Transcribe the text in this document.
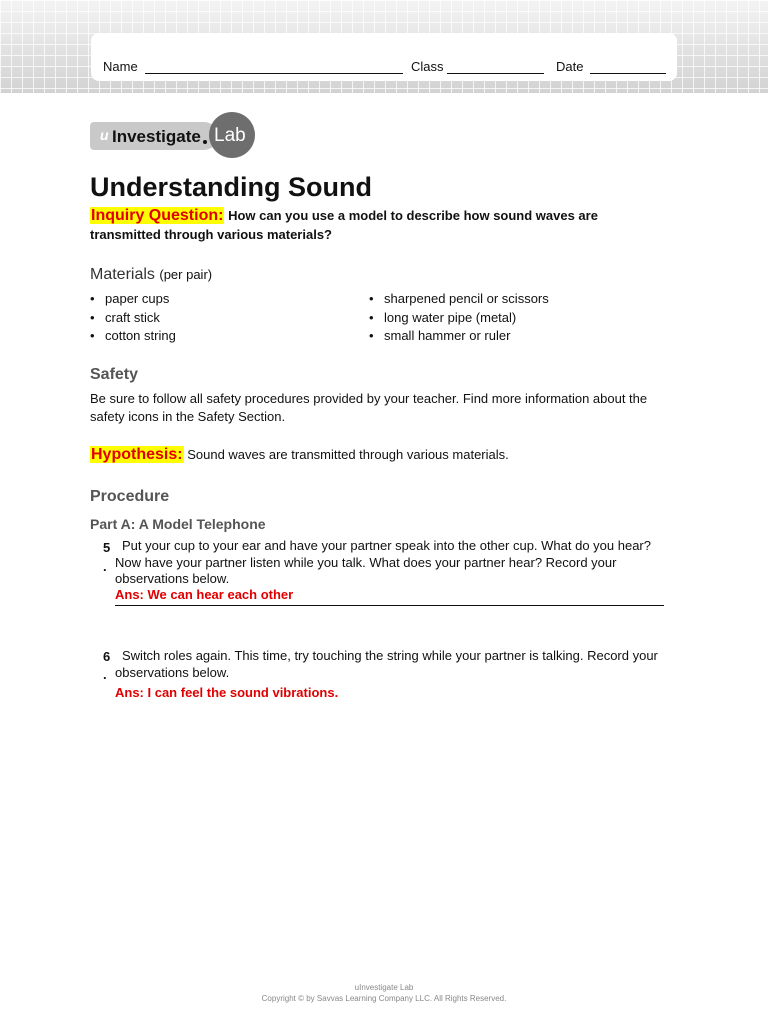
Name	Class	Date
u Investigate Lab
Understanding Sound
Inquiry Question: How can you use a model to describe how sound waves are transmitted through various materials?
Materials (per pair)
• paper cups
• craft stick
• cotton string
• sharpened pencil or scissors
• long water pipe (metal)
• small hammer or ruler
Safety
Be sure to follow all safety procedures provided by your teacher. Find more information about the safety icons in the Safety Section.
Hypothesis: Sound waves are transmitted through various materials.
Procedure
Part A: A Model Telephone
5
.
Put your cup to your ear and have your partner speak into the other cup. What do you hear? Now have your partner listen while you talk. What does your partner hear? Record your observations below.
Ans: We can hear each other
6
.
Switch roles again. This time, try touching the string while your partner is talking. Record your observations below.
Ans: I can feel the sound vibrations.
uInvestigate Lab
Copyright © by Savvas Learning Company LLC. All Rights Reserved.
